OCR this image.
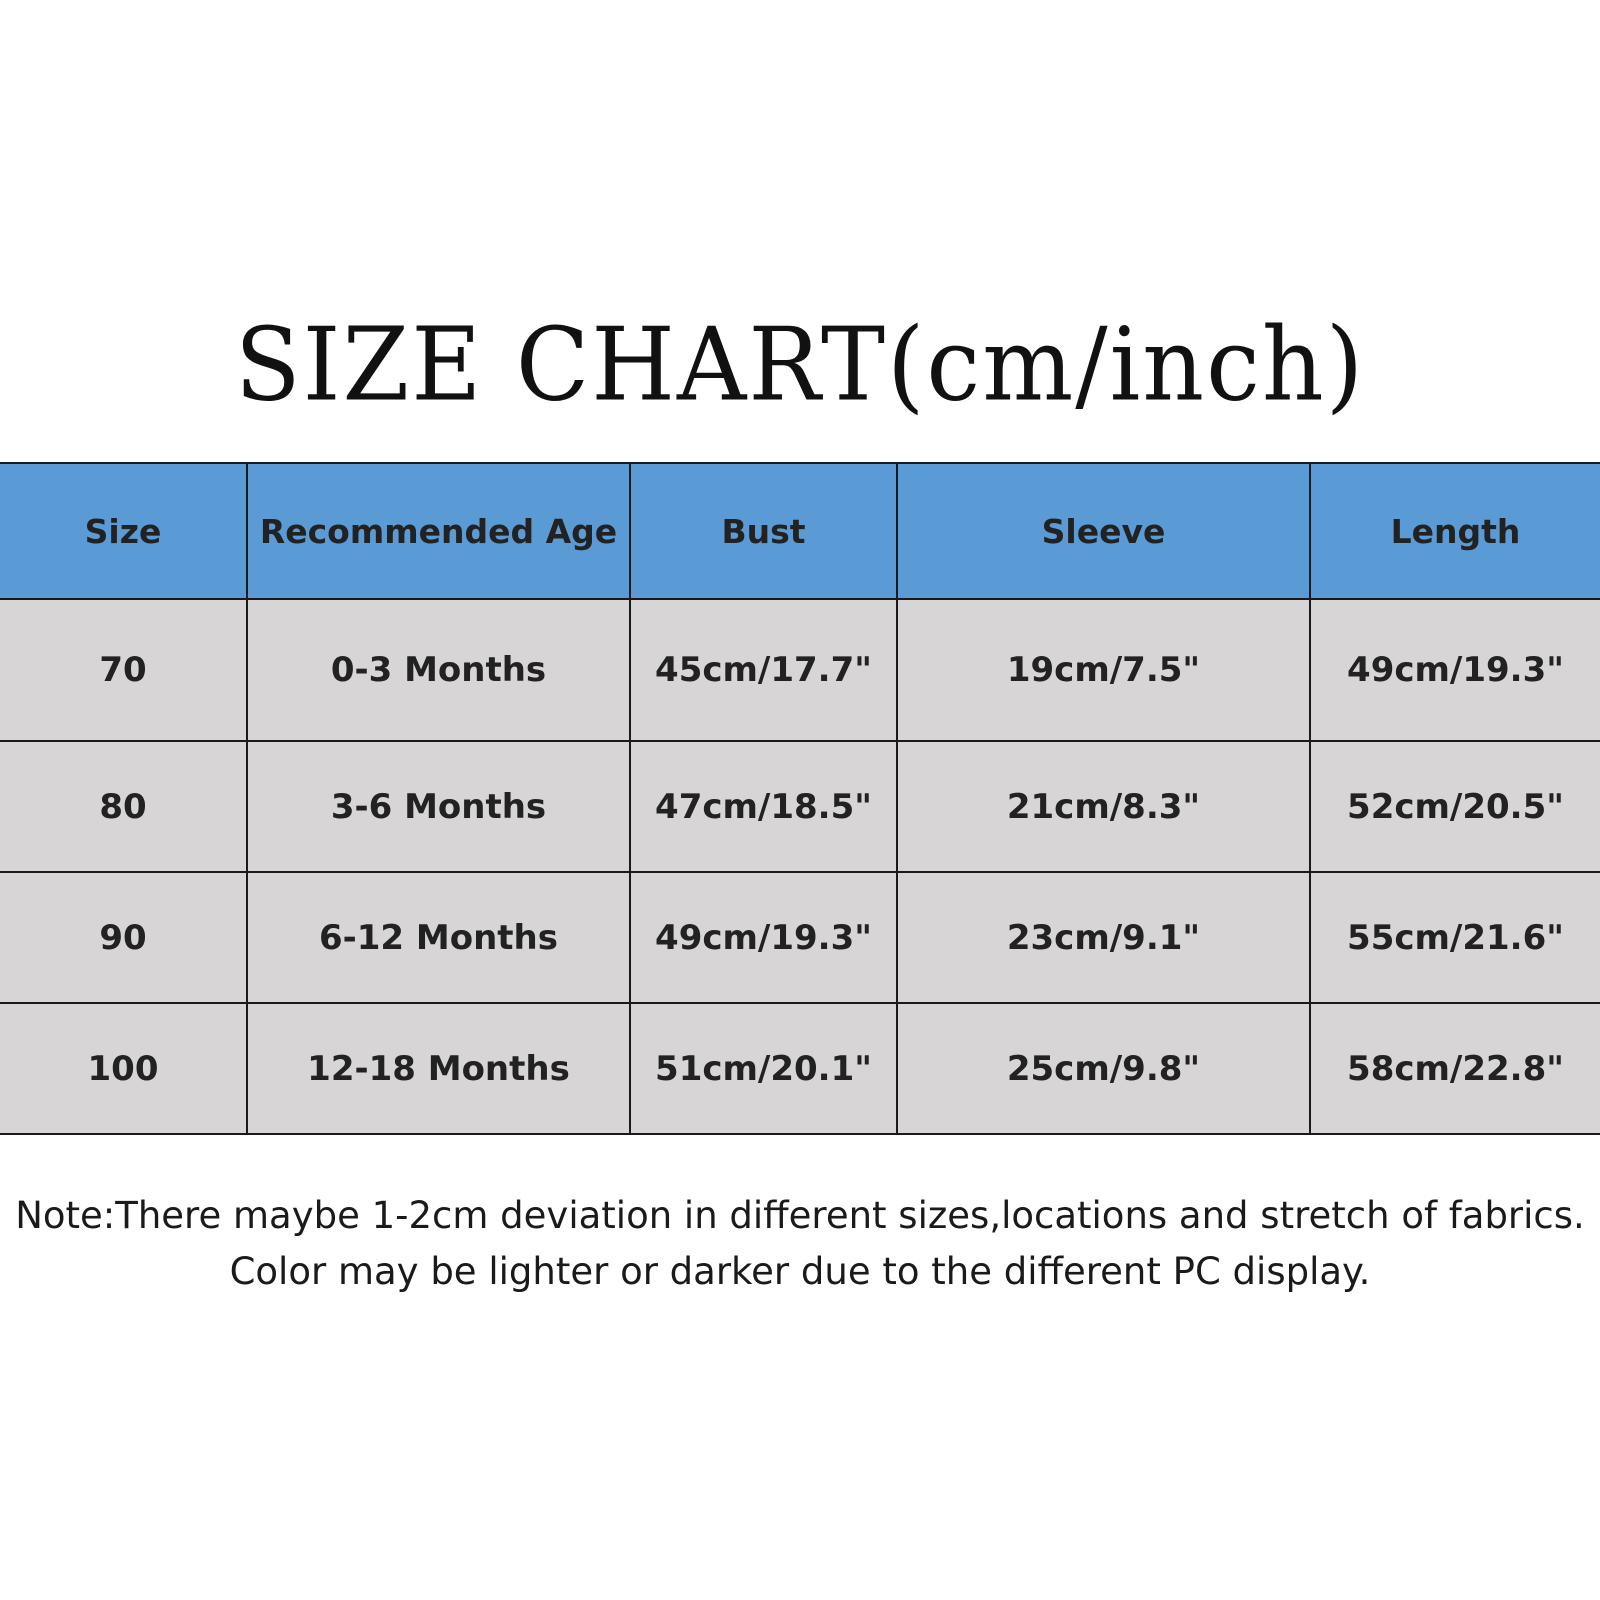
SIZE CHART(cm/inch)
Size	Recommended Age	Bust	Sleeve	Length
70	0-3 Months	45cm/17.7"	19cm/7.5"	49cm/19.3"
80	3-6 Months	47cm/18.5"	21cm/8.3"	52cm/20.5"
90	6-12 Months	49cm/19.3"	23cm/9.1"	55cm/21.6"
100	12-18 Months	51cm/20.1"	25cm/9.8"	58cm/22.8"
Note:There maybe 1-2cm deviation in different sizes,locations and stretch of fabrics.
Color may be lighter or darker due to the different PC display.
